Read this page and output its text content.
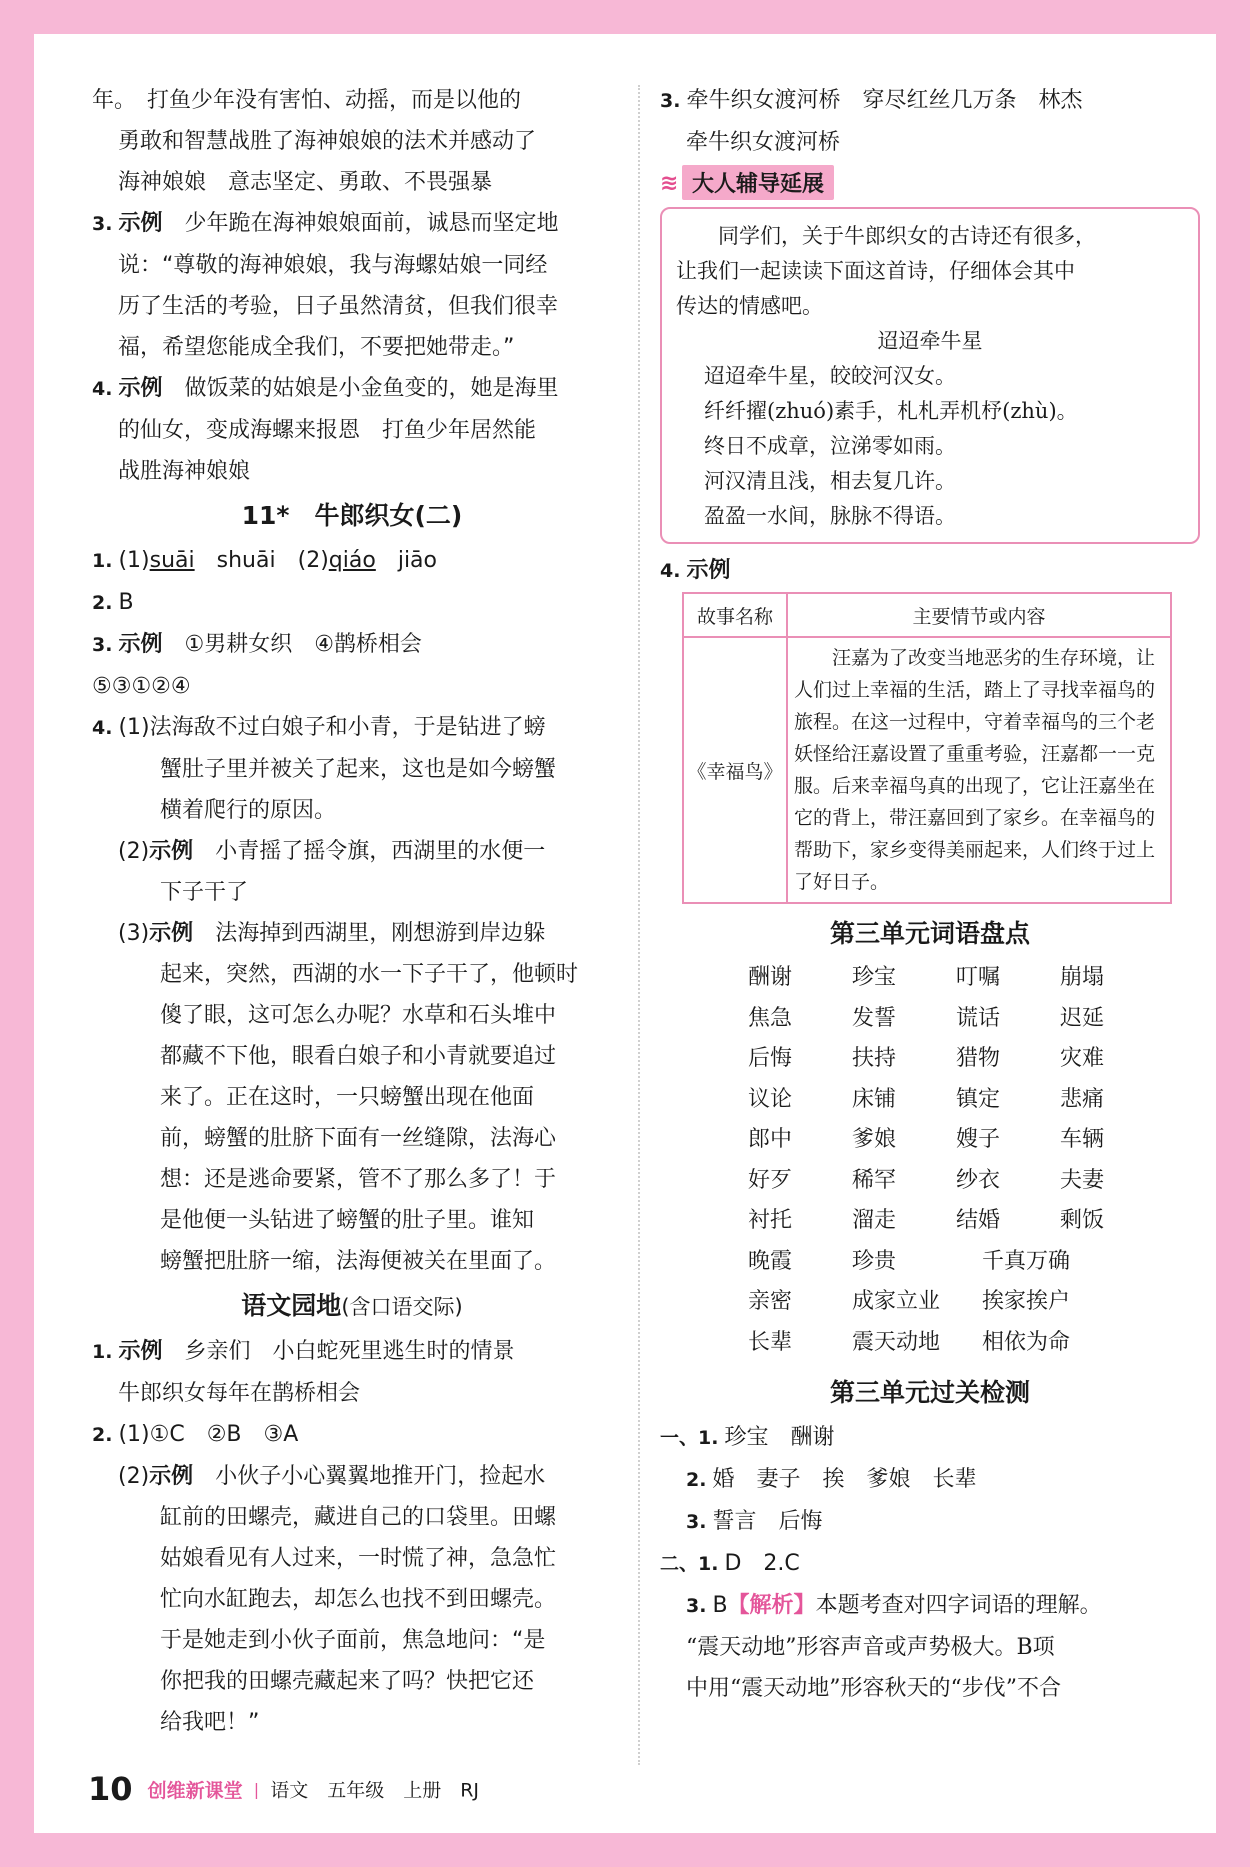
年。　打鱼少年没有害怕、动摇，而是以他的
勇敢和智慧战胜了海神娘娘的法术并感动了
海神娘娘　意志坚定、勇敢、不畏强暴
3. 示例　 少年跪在海神娘娘面前，诚恳而坚定地
说：“尊敬的海神娘娘，我与海螺姑娘一同经
历了生活的考验，日子虽然清贫，但我们很幸
福，希望您能成全我们，不要把她带走。”
4. 示例　 做饭菜的姑娘是小金鱼变的，她是海里
的仙女，变成海螺来报恩　打鱼少年居然能
战胜海神娘娘
11*　牛郎织女(二)
1. (1)suāi　 shuāi　 (2)qiáo　 jiāo
2. B
3. 示例　 ①男耕女织　④鹊桥相会
⑤③①②④
4. (1)法海敌不过白娘子和小青，于是钻进了螃
蟹肚子里并被关了起来，这也是如今螃蟹
横着爬行的原因。
(2)示例　 小青摇了摇令旗，西湖里的水便一
下子干了
(3)示例　 法海掉到西湖里，刚想游到岸边躲
起来，突然，西湖的水一下子干了，他顿时
傻了眼，这可怎么办呢？水草和石头堆中
都藏不下他，眼看白娘子和小青就要追过
来了。正在这时，一只螃蟹出现在他面
前，螃蟹的肚脐下面有一丝缝隙，法海心
想：还是逃命要紧，管不了那么多了！于
是他便一头钻进了螃蟹的肚子里。谁知
螃蟹把肚脐一缩，法海便被关在里面了。
语文园地(含口语交际)
1. 示例　 乡亲们　小白蛇死里逃生时的情景
牛郎织女每年在鹊桥相会
2. (1)①C　②B　③A
(2)示例　 小伙子小心翼翼地推开门，捡起水
缸前的田螺壳，藏进自己的口袋里。田螺
姑娘看见有人过来，一时慌了神，急急忙
忙向水缸跑去，却怎么也找不到田螺壳。
于是她走到小伙子面前，焦急地问：“是
你把我的田螺壳藏起来了吗？快把它还
给我吧！”
3. 牵牛织女渡河桥　穿尽红丝几万条　林杰
牵牛织女渡河桥
≋ 大人辅导延展
同学们，关于牛郎织女的古诗还有很多，
让我们一起读读下面这首诗，仔细体会其中
传达的情感吧。
迢迢牵牛星
迢迢牵牛星，皎皎河汉女。
纤纤擢(zhuó)素手，札札弄机杼(zhù)。
终日不成章，泣涕零如雨。
河汉清且浅，相去复几许。
盈盈一水间，脉脉不得语。
4. 示例
故事名称	主要情节或内容
《幸福鸟》	汪嘉为了改变当地恶劣的生存环境，让人们过上幸福的生活，踏上了寻找幸福鸟的旅程。在这一过程中，守着幸福鸟的三个老妖怪给汪嘉设置了重重考验，汪嘉都一一克服。后来幸福鸟真的出现了，它让汪嘉坐在它的背上，带汪嘉回到了家乡。在幸福鸟的帮助下，家乡变得美丽起来，人们终于过上了好日子。
第三单元词语盘点
酬谢	珍宝	叮嘱	崩塌
焦急	发誓	谎话	迟延
后悔	扶持	猎物	灾难
议论	床铺	镇定	悲痛
郎中	爹娘	嫂子	车辆
好歹	稀罕	纱衣	夫妻
衬托	溜走	结婚	剩饭
晚霞	珍贵	千真万确
亲密	成家立业	挨家挨户
长辈	震天动地	相依为命
第三单元过关检测
一、1. 珍宝　酬谢
2. 婚　妻子　挨　爹娘　长辈
3. 誓言　后悔
二、1. D　2.C
3. B【解析】本题考查对四字词语的理解。
“震天动地”形容声音或声势极大。B项
中用“震天动地”形容秋天的“步伐”不合
10 创维新课堂 | 语文　五年级　上册　RJ
